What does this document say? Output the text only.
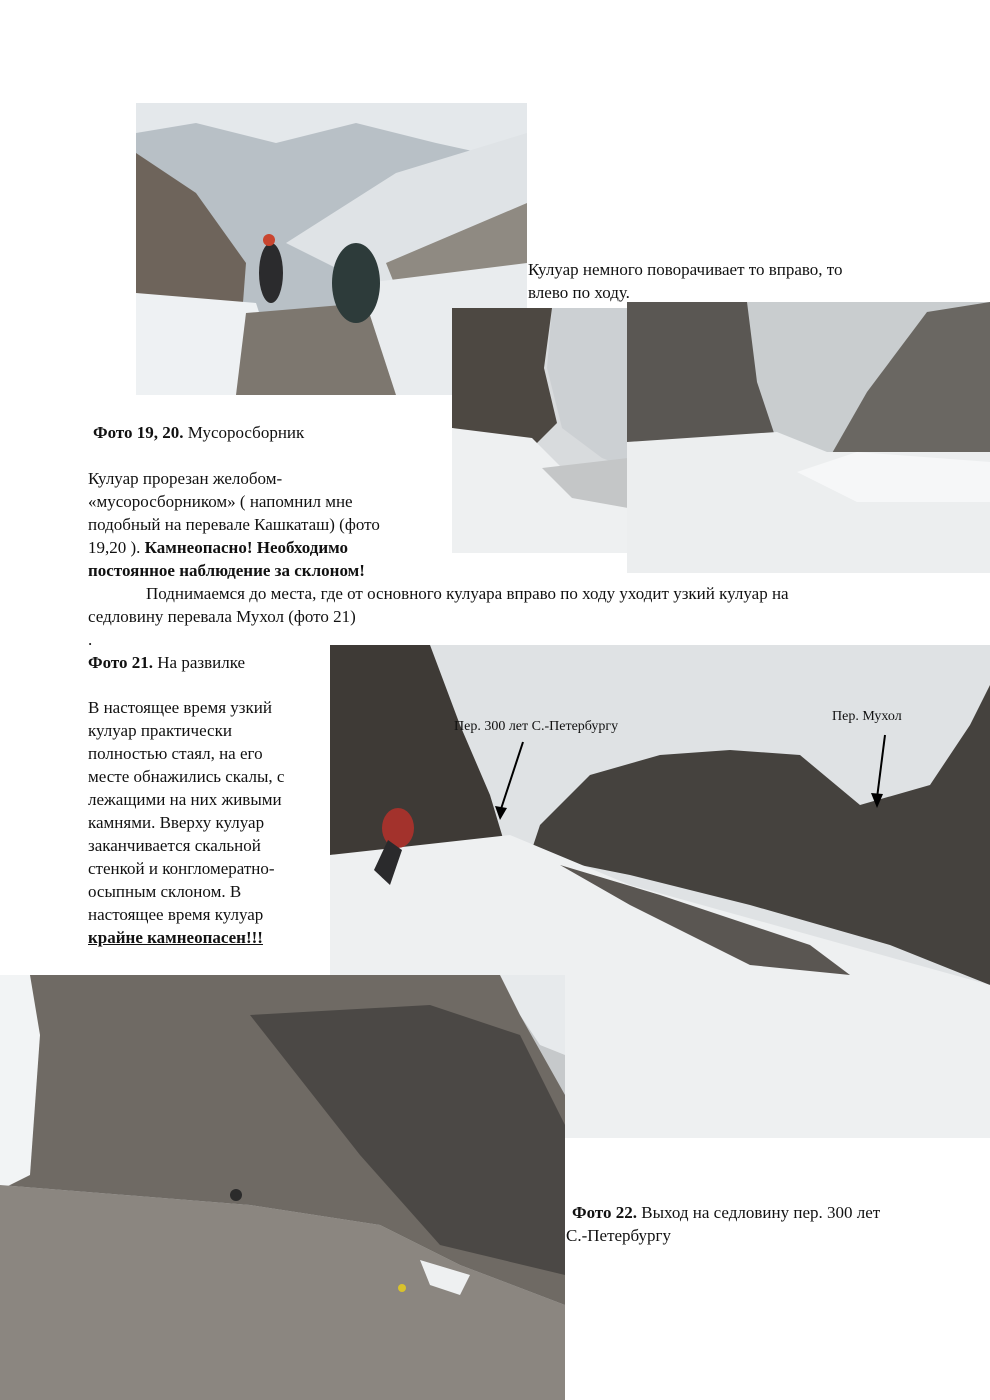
Кулуар немного поворачивает то вправо, то
влево по ходу.
Фото 19, 20. Мусоросборник
Кулуар прорезан желобом-
«мусоросборником» ( напомнил мне
подобный на перевале Кашкаташ) (фото
19,20 ). Камнеопасно! Необходимо
постоянное наблюдение за склоном!
Поднимаемся до места, где от основного кулуара вправо по ходу уходит узкий кулуар на
седловину перевала Мухол (фото 21)
.
Фото 21. На развилке
В настоящее время узкий
кулуар практически
полностью стаял, на его
месте обнажились скалы, с
лежащими на них живыми
камнями. Вверху кулуар
заканчивается скальной
стенкой и конгломератно-
осыпным склоном. В
настоящее время кулуар
крайне камнеопасен!!!
Пер. 300 лет С.-Петербургу
Пер. Мухол
Фото 22. Выход на седловину пер. 300 лет
С.-Петербургу
